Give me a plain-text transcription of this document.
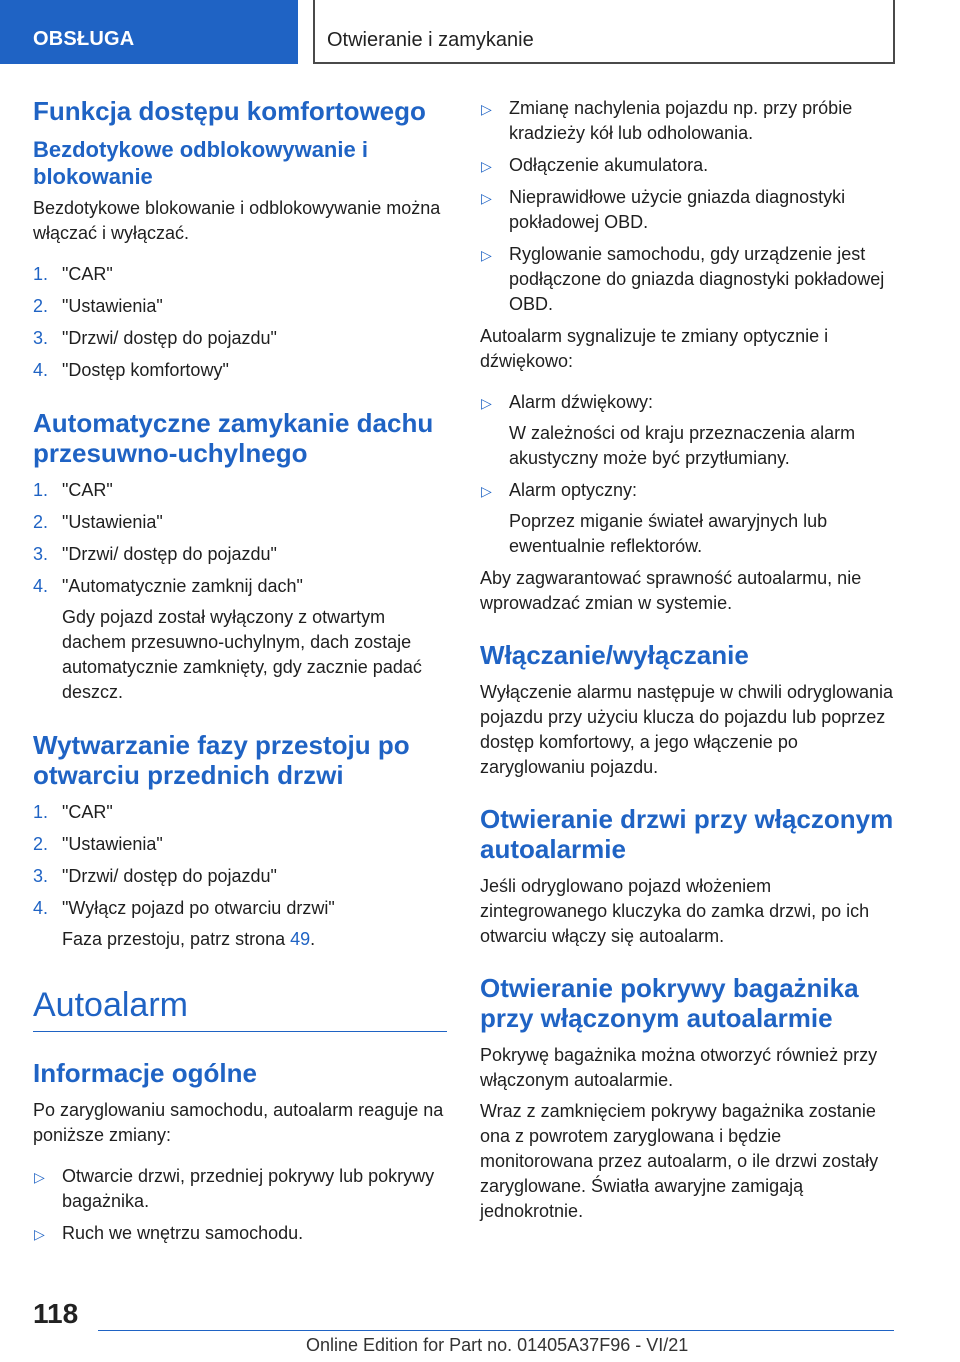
OBSŁUGA	Otwieranie i zamykanie
Funkcja dostępu komfortowego
Bezdotykowe odblokowywanie i blokowanie

Bezdotykowe blokowanie i odblokowywanie można włączać i wyłączać.

1. "CAR"
2. "Ustawienia"
3. "Drzwi/ dostęp do pojazdu"
4. "Dostęp komfortowy"
Automatyczne zamykanie dachu przesuwno-uchylnego
1. "CAR"
2. "Ustawienia"
3. "Drzwi/ dostęp do pojazdu"
4. "Automatycznie zamknij dach"
Gdy pojazd został wyłączony z otwartym dachem przesuwno-uchylnym, dach zostaje automatycznie zamknięty, gdy zacznie padać deszcz.
Wytwarzanie fazy przestoju po otwarciu przednich drzwi
1. "CAR"
2. "Ustawienia"
3. "Drzwi/ dostęp do pojazdu"
4. "Wyłącz pojazd po otwarciu drzwi"
Faza przestoju, patrz strona 49.
Autoalarm
Informacje ogólne

Po zaryglowaniu samochodu, autoalarm reaguje na poniższe zmiany:

▷ Otwarcie drzwi, przedniej pokrywy lub pokrywy bagażnika.
▷ Ruch we wnętrzu samochodu.
▷ Zmianę nachylenia pojazdu np. przy próbie kradzieży kół lub odholowania.
▷ Odłączenie akumulatora.
▷ Nieprawidłowe użycie gniazda diagnostyki pokładowej OBD.
▷ Ryglowanie samochodu, gdy urządzenie jest podłączone do gniazda diagnostyki pokładowej OBD.

Autoalarm sygnalizuje te zmiany optycznie i dźwiękowo:

▷ Alarm dźwiękowy:
W zależności od kraju przeznaczenia alarm akustyczny może być przytłumiany.
▷ Alarm optyczny:
Poprzez miganie świateł awaryjnych lub ewentualnie reflektorów.

Aby zagwarantować sprawność autoalarmu, nie wprowadzać zmian w systemie.

Włączanie/wyłączanie

Wyłączenie alarmu następuje w chwili odryglowania pojazdu przy użyciu klucza do pojazdu lub poprzez dostęp komfortowy, a jego włączenie po zaryglowaniu pojazdu.

Otwieranie drzwi przy włączonym autoalarmie

Jeśli odryglowano pojazd włożeniem zintegrowanego kluczyka do zamka drzwi, po ich otwarciu włączy się autoalarm.

Otwieranie pokrywy bagażnika przy włączonym autoalarmie

Pokrywę bagażnika można otworzyć również przy włączonym autoalarmie.

Wraz z zamknięciem pokrywy bagażnika zostanie ona z powrotem zaryglowana i będzie monitorowana przez autoalarm, o ile drzwi zostały zaryglowane. Światła awaryjne zamigają jednokrotnie.

118
Online Edition for Part no. 01405A37F96 - VI/21
